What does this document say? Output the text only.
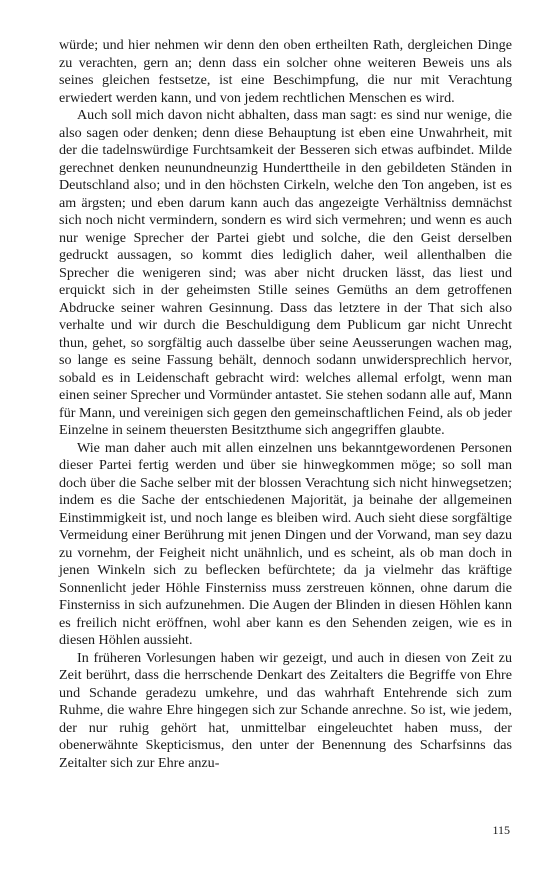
würde; und hier nehmen wir denn den oben ertheilten Rath, dergleichen Dinge zu verachten, gern an; denn dass ein solcher ohne weiteren Beweis uns als seines gleichen festsetze, ist eine Beschimpfung, die nur mit Verachtung erwiedert werden kann, und von jedem rechtlichen Menschen es wird.

Auch soll mich davon nicht abhalten, dass man sagt: es sind nur wenige, die also sagen oder denken; denn diese Behauptung ist eben eine Unwahrheit, mit der die tadelnswürdige Furchtsamkeit der Besseren sich etwas aufbindet. Milde gerechnet denken neunundneunzig Hunderttheile in den gebildeten Ständen in Deutschland also; und in den höchsten Cirkeln, welche den Ton angeben, ist es am ärgsten; und eben darum kann auch das angezeigte Verhältniss demnächst sich noch nicht vermindern, sondern es wird sich vermehren; und wenn es auch nur wenige Sprecher der Partei giebt und solche, die den Geist derselben gedruckt aussagen, so kommt dies lediglich daher, weil allenthalben die Sprecher die wenigeren sind; was aber nicht drucken lässt, das liest und erquickt sich in der geheimsten Stille seines Gemüths an dem getroffenen Abdrucke seiner wahren Gesinnung. Dass das letztere in der That sich also verhalte und wir durch die Beschuldigung dem Publicum gar nicht Unrecht thun, gehet, so sorgfältig auch dasselbe über seine Aeusserungen wachen mag, so lange es seine Fassung behält, dennoch sodann unwidersprechlich hervor, sobald es in Leidenschaft gebracht wird: welches allemal erfolgt, wenn man einen seiner Sprecher und Vormünder antastet. Sie stehen sodann alle auf, Mann für Mann, und vereinigen sich gegen den gemeinschaftlichen Feind, als ob jeder Einzelne in seinem theuersten Besitzthume sich angegriffen glaubte.

Wie man daher auch mit allen einzelnen uns bekanntgewordenen Personen dieser Partei fertig werden und über sie hinwegkommen möge; so soll man doch über die Sache selber mit der blossen Verachtung sich nicht hinwegsetzen; indem es die Sache der entschiedenen Majorität, ja beinahe der allgemeinen Einstimmigkeit ist, und noch lange es bleiben wird. Auch sieht diese sorgfältige Vermeidung einer Berührung mit jenen Dingen und der Vorwand, man sey dazu zu vornehm, der Feigheit nicht unähnlich, und es scheint, als ob man doch in jenen Winkeln sich zu beflecken befürchtete; da ja vielmehr das kräftige Sonnenlicht jeder Höhle Finsterniss muss zerstreuen können, ohne darum die Finsterniss in sich aufzunehmen. Die Augen der Blinden in diesen Höhlen kann es freilich nicht eröffnen, wohl aber kann es den Sehenden zeigen, wie es in diesen Höhlen aussieht.

In früheren Vorlesungen haben wir gezeigt, und auch in diesen von Zeit zu Zeit berührt, dass die herrschende Denkart des Zeitalters die Begriffe von Ehre und Schande geradezu umkehre, und das wahrhaft Entehrende sich zum Ruhme, die wahre Ehre hingegen sich zur Schande anrechne. So ist, wie jedem, der nur ruhig gehört hat, unmittelbar eingeleuchtet haben muss, der obenerwähnte Skepticismus, den unter der Benennung des Scharfsinns das Zeitalter sich zur Ehre anzu-

115
